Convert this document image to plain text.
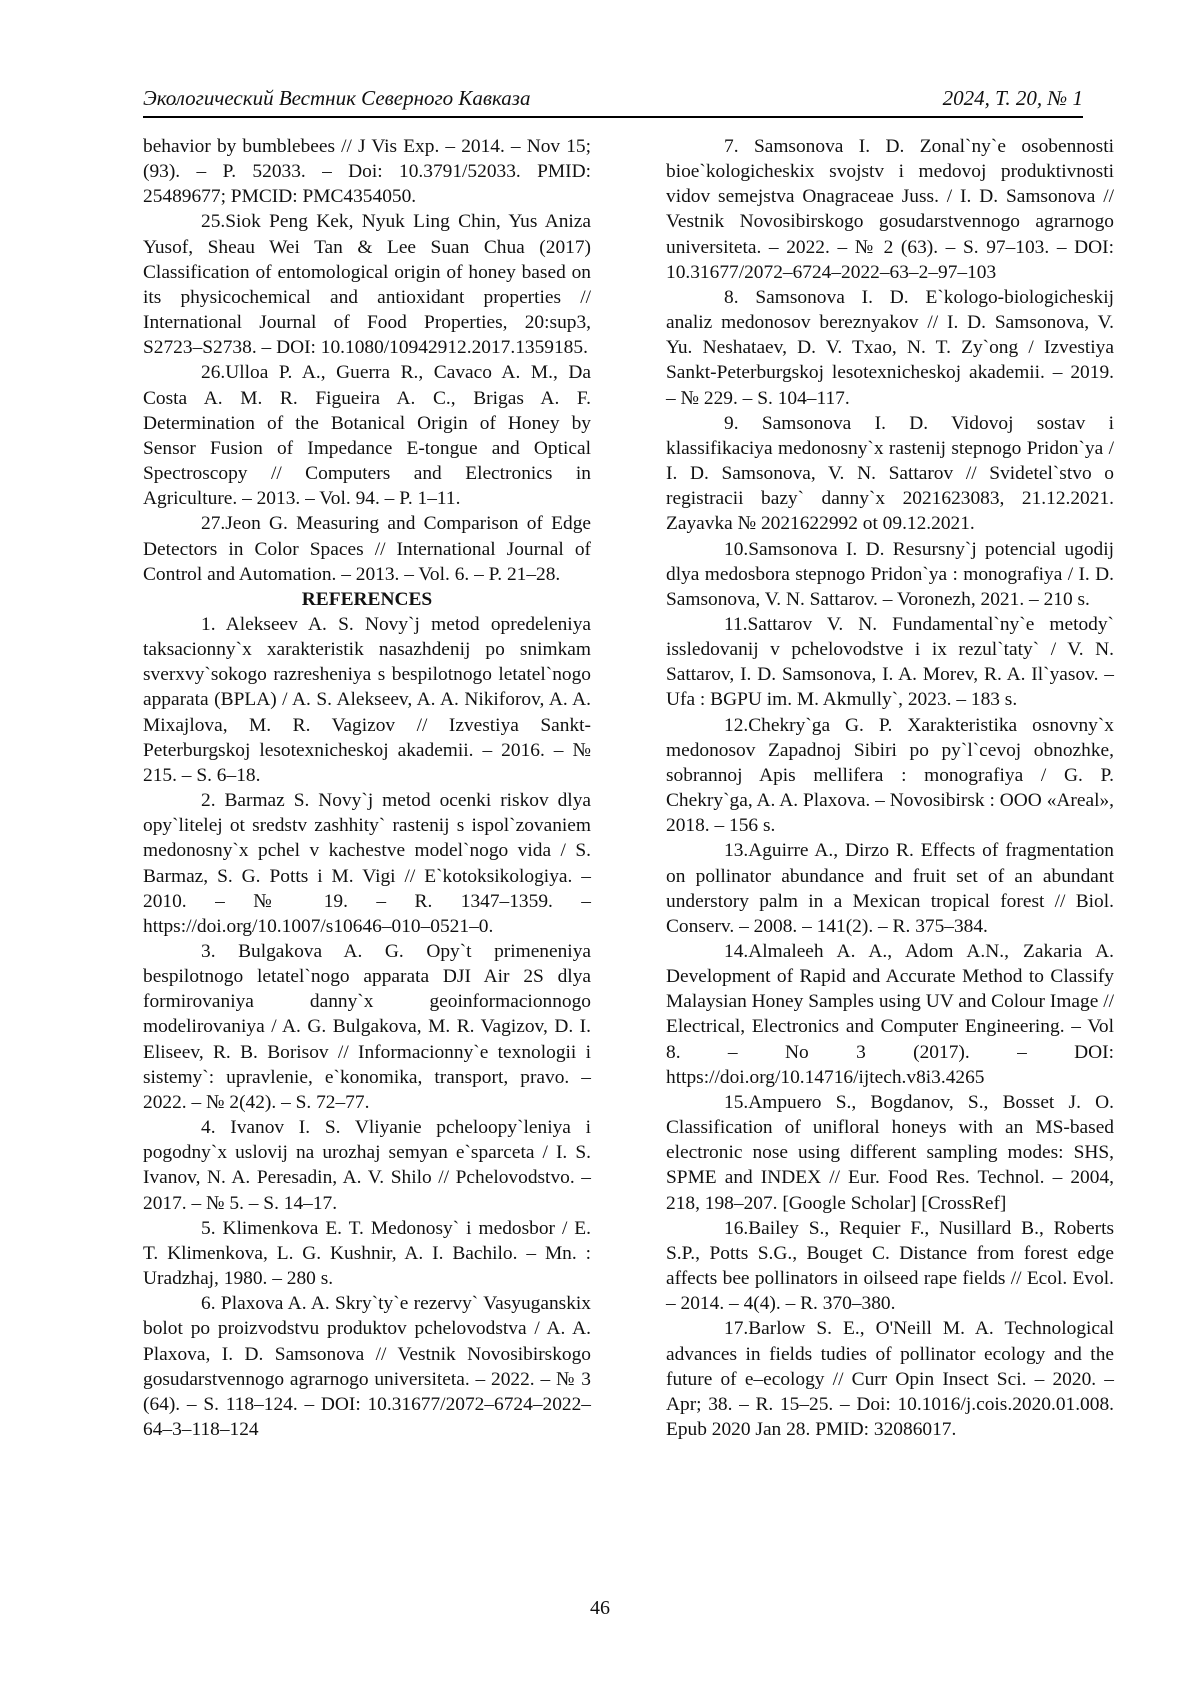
Экологический Вестник Северного Кавказа	2024, Т. 20, № 1

behavior by bumblebees // J Vis Exp. – 2014. – Nov 15;(93). – P. 52033. – Doi: 10.3791/52033. PMID: 25489677; PMCID: PMC4354050.

25.Siok Peng Kek, Nyuk Ling Chin, Yus Aniza Yusof, Sheau Wei Tan & Lee Suan Chua (2017) Classification of entomological origin of honey based on its physicochemical and antioxidant properties // International Journal of Food Properties, 20:sup3, S2723–S2738. – DOI: 10.1080/10942912.2017.1359185.

26.Ulloa P. A., Guerra R., Cavaco A. M., Da Costa A. M. R. Figueira A. C., Brigas A. F. Determination of the Botanical Origin of Honey by Sensor Fusion of Impedance E-tongue and Optical Spectroscopy // Computers and Electronics in Agriculture. – 2013. – Vol. 94. – P. 1–11.

27.Jeon G. Measuring and Comparison of Edge Detectors in Color Spaces // International Journal of Control and Automation. – 2013. – Vol. 6. – P. 21–28.

REFERENCES

1. Alekseev A. S. Novy`j metod opredeleniya taksacionny`x xarakteristik nasazhdenij po snimkam sverxvy`sokogo razresheniya s bespilotnogo letatel`nogo apparata (BPLA) / A. S. Alekseev, A. A. Nikiforov, A. A. Mixajlova, M. R. Vagizov // Izvestiya Sankt-Peterburgskoj lesotexnicheskoj akademii. – 2016. – № 215. – S. 6–18.

2. Barmaz S. Novy`j metod ocenki riskov dlya opy`litelej ot sredstv zashhity` rastenij s ispol`zovaniem medonosny`x pchel v kachestve model`nogo vida / S. Barmaz, S. G. Potts i M. Vigi // E`kotoksikologiya. – 2010. – № 19. – R. 1347–1359. – https://doi.org/10.1007/s10646–010–0521–0.

3. Bulgakova A. G. Opy`t primeneniya bespilotnogo letatel`nogo apparata DJI Air 2S dlya formirovaniya danny`x geoinformacionnogo modelirovaniya / A. G. Bulgakova, M. R. Vagizov, D. I. Eliseev, R. B. Borisov // Informacionny`e texnologii i sistemy`: upravlenie, e`konomika, transport, pravo. – 2022. – № 2(42). – S. 72–77.

4. Ivanov I. S. Vliyanie pcheloopy`leniya i pogodny`x uslovij na urozhaj semyan e`sparceta / I. S. Ivanov, N. A. Peresadin, A. V. Shilo // Pchelovodstvo. – 2017. – № 5. – S. 14–17.

5. Klimenkova E. T. Medonosy` i medosbor / E. T. Klimenkova, L. G. Kushnir, A. I. Bachilo. – Mn. : Uradzhaj, 1980. – 280 s.

6. Plaxova A. A. Skry`ty`e rezervy` Vasyuganskix bolot po proizvodstvu produktov pchelovodstva / A. A. Plaxova, I. D. Samsonova // Vestnik Novosibirskogo gosudarstvennogo agrarnogo universiteta. – 2022. – № 3 (64). – S. 118–124. – DOI: 10.31677/2072–6724–2022–64–3–118–124

7. Samsonova I. D. Zonal`ny`e osobennosti bioe`kologicheskix svojstv i medovoj produktivnosti vidov semejstva Onagraceae Juss. / I. D. Samsonova // Vestnik Novosibirskogo gosudarstvennogo agrarnogo universiteta. – 2022. – № 2 (63). – S. 97–103. – DOI: 10.31677/2072–6724–2022–63–2–97–103

8. Samsonova I. D. E`kologo-biologicheskij analiz medonosov bereznyakov // I. D. Samsonova, V. Yu. Neshataev, D. V. Txao, N. T. Zy`ong / Izvestiya Sankt-Peterburgskoj lesotexnicheskoj akademii. – 2019. – № 229. – S. 104–117.

9. Samsonova I. D. Vidovoj sostav i klassifikaciya medonosny`x rastenij stepnogo Pridon`ya / I. D. Samsonova, V. N. Sattarov // Svidetel`stvo o registracii bazy` danny`x 2021623083, 21.12.2021. Zayavka № 2021622992 ot 09.12.2021.

10.Samsonova I. D. Resursny`j potencial ugodij dlya medosbora stepnogo Pridon`ya : monografiya / I. D. Samsonova, V. N. Sattarov. – Voronezh, 2021. – 210 s.

11.Sattarov V. N. Fundamental`ny`e metody` issledovanij v pchelovodstve i ix rezul`taty` / V. N. Sattarov, I. D. Samsonova, I. A. Morev, R. A. Il`yasov. – Ufa : BGPU im. M. Akmully`, 2023. – 183 s.

12.Chekry`ga G. P. Xarakteristika osnovny`x medonosov Zapadnoj Sibiri po py`l`cevoj obnozhke, sobrannoj Apis mellifera : monografiya / G. P. Chekry`ga, A. A. Plaxova. – Novosibirsk : OOO «Areal», 2018. – 156 s.

13.Aguirre A., Dirzo R. Effects of fragmentation on pollinator abundance and fruit set of an abundant understory palm in a Mexican tropical forest // Biol. Conserv. – 2008. – 141(2). – R. 375–384.

14.Almaleeh A. A., Adom A.N., Zakaria A. Development of Rapid and Accurate Method to Classify Malaysian Honey Samples using UV and Colour Image // Electrical, Electronics and Computer Engineering. – Vol 8. – No 3 (2017). – DOI: https://doi.org/10.14716/ijtech.v8i3.4265

15.Ampuero S., Bogdanov, S., Bosset J. O. Classification of unifloral honeys with an MS-based electronic nose using different sampling modes: SHS, SPME and INDEX // Eur. Food Res. Technol. – 2004, 218, 198–207. [Google Scholar] [CrossRef]

16.Bailey S., Requier F., Nusillard B., Roberts S.P., Potts S.G., Bouget C. Distance from forest edge affects bee pollinators in oilseed rape fields // Ecol. Evol. – 2014. – 4(4). – R. 370–380.

17.Barlow S. E., O'Neill M. A. Technological advances in fields tudies of pollinator ecology and the future of e–ecology // Curr Opin Insect Sci. – 2020. – Apr; 38. – R. 15–25. – Doi: 10.1016/j.cois.2020.01.008. Epub 2020 Jan 28. PMID: 32086017.

46
